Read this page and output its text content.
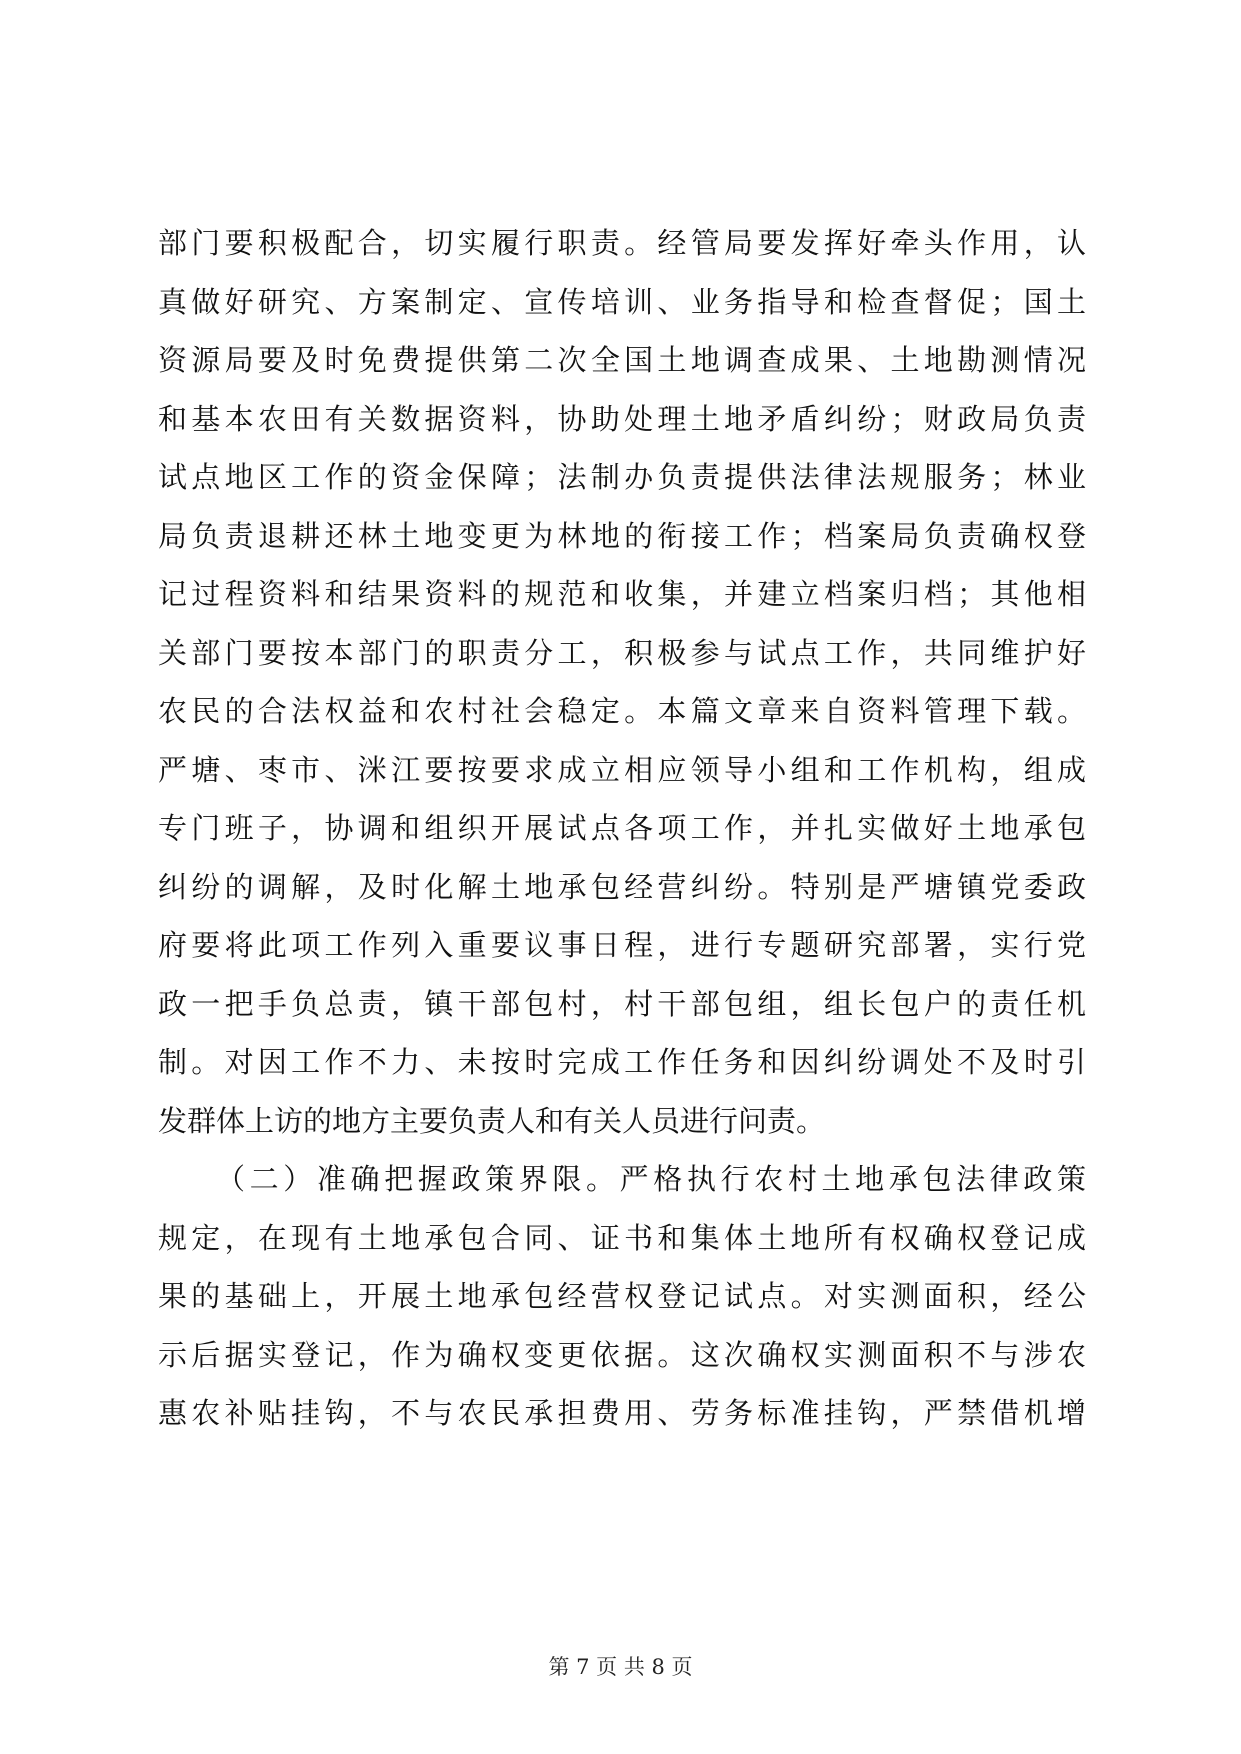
部门要积极配合，切实履行职责。经管局要发挥好牵头作用，认
真做好研究、方案制定、宣传培训、业务指导和检查督促；国土
资源局要及时免费提供第二次全国土地调查成果、土地勘测情况
和基本农田有关数据资料，协助处理土地矛盾纠纷；财政局负责
试点地区工作的资金保障；法制办负责提供法律法规服务；林业
局负责退耕还林土地变更为林地的衔接工作；档案局负责确权登
记过程资料和结果资料的规范和收集，并建立档案归档；其他相
关部门要按本部门的职责分工，积极参与试点工作，共同维护好
农民的合法权益和农村社会稳定。本篇文章来自资料管理下载。
严塘、枣市、洣江要按要求成立相应领导小组和工作机构，组成
专门班子，协调和组织开展试点各项工作，并扎实做好土地承包
纠纷的调解，及时化解土地承包经营纠纷。特别是严塘镇党委政
府要将此项工作列入重要议事日程，进行专题研究部署，实行党
政一把手负总责，镇干部包村，村干部包组，组长包户的责任机
制。对因工作不力、未按时完成工作任务和因纠纷调处不及时引
发群体上访的地方主要负责人和有关人员进行问责。
（二）准确把握政策界限。严格执行农村土地承包法律政策
规定，在现有土地承包合同、证书和集体土地所有权确权登记成
果的基础上，开展土地承包经营权登记试点。对实测面积，经公
示后据实登记，作为确权变更依据。这次确权实测面积不与涉农
惠农补贴挂钩，不与农民承担费用、劳务标准挂钩，严禁借机增
第 7 页 共 8 页
